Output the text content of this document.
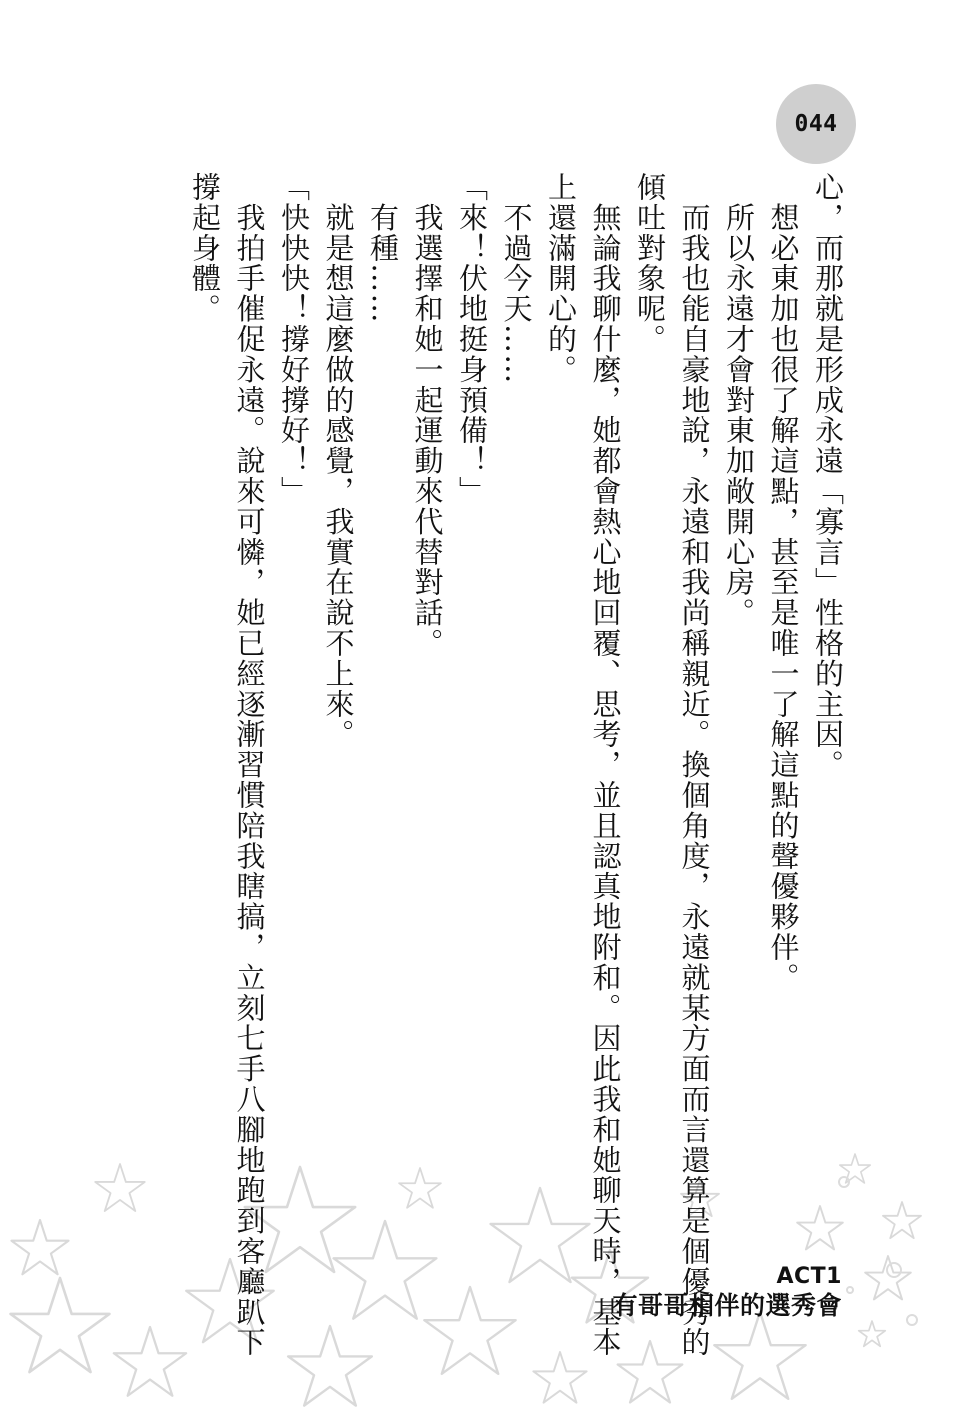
044
心，而那就是形成永遠「寡言」性格的主因。
　想必東加也很了解這點，甚至是唯一了解這點的聲優夥伴。
　所以永遠才會對東加敞開心房。
　而我也能自豪地說，永遠和我尚稱親近。換個角度，永遠就某方面而言還算是個優秀的
傾吐對象呢。
　無論我聊什麼，她都會熱心地回覆、思考，並且認真地附和。因此我和她聊天時，基本
上還滿開心的。
　不過今天……
「來！伏地挺身預備！」
　我選擇和她一起運動來代替對話。
　有種……
　就是想這麼做的感覺，我實在說不上來。
「快快快！撐好撐好！」
　我拍手催促永遠。說來可憐，她已經逐漸習慣陪我瞎搞，立刻七手八腳地跑到客廳趴下
撐起身體。
ACT1
有哥哥相伴的選秀會
